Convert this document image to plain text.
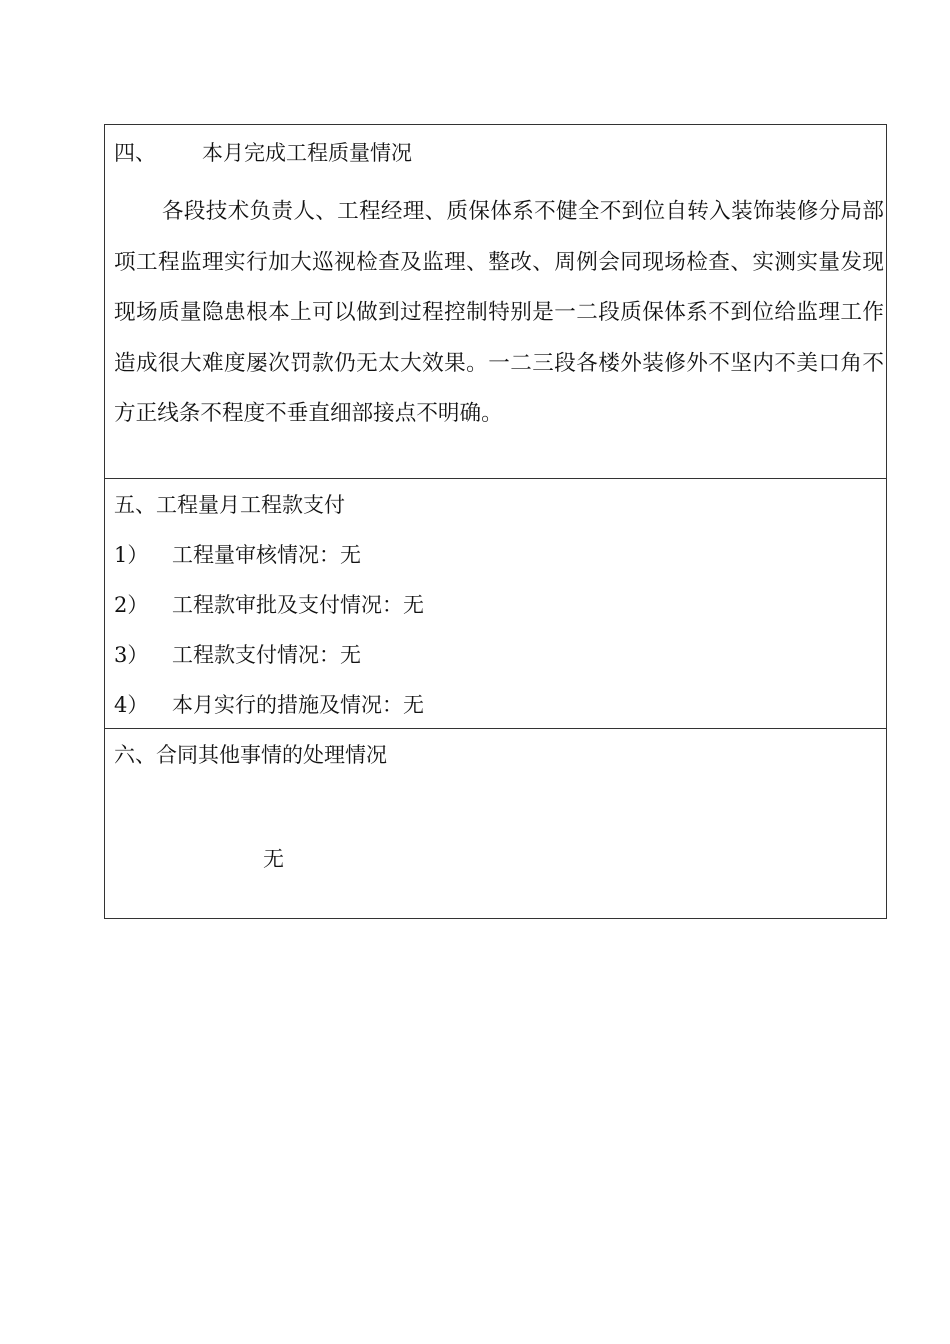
四、 本月完成工程质量情况
各段技术负责人、工程经理、质保体系不健全不到位自转入装饰装修分局部项工程监理实行加大巡视检查及监理、整改、周例会同现场检查、实测实量发现现场质量隐患根本上可以做到过程控制特别是一二段质保体系不到位给监理工作造成很大难度屡次罚款仍无太大效果。一二三段各楼外装修外不坚内不美口角不方正线条不程度不垂直细部接点不明确。
五、工程量月工程款支付
1） 工程量审核情况：无
2） 工程款审批及支付情况：无
3） 工程款支付情况：无
4） 本月实行的措施及情况：无
六、合同其他事情的处理情况
无
